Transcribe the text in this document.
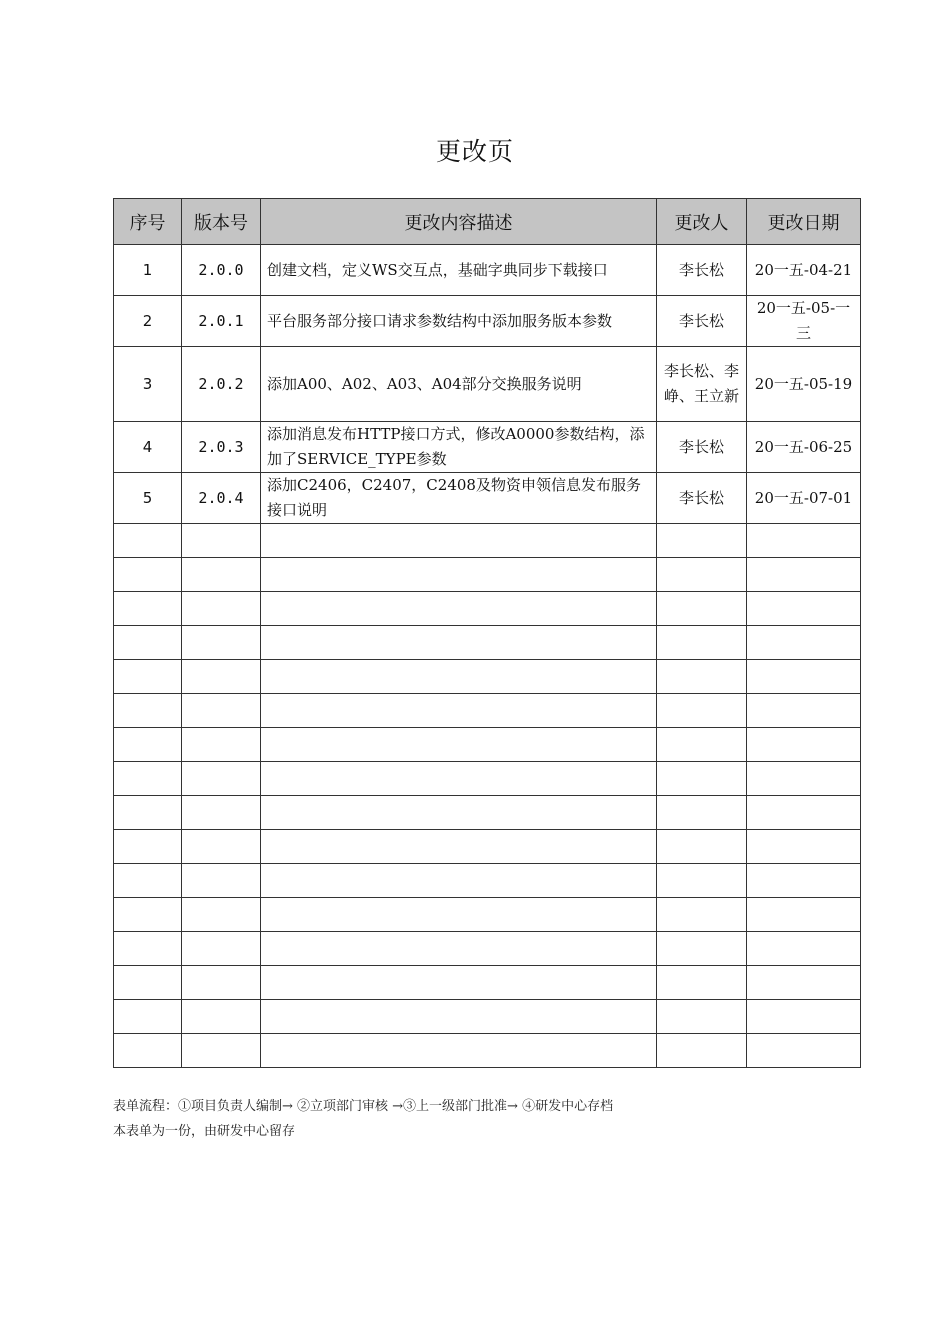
更改页
序号	版本号	更改内容描述	更改人	更改日期
1	2.0.0	创建文档，定义WS交互点，基础字典同步下载接口	李长松	20一五-04-21
2	2.0.1	平台服务部分接口请求参数结构中添加服务版本参数	李长松	20一五-05-一三
3	2.0.2	添加A00、A02、A03、A04部分交换服务说明	李长松、李峥、王立新	20一五-05-19
4	2.0.3	添加消息发布HTTP接口方式，修改A0000参数结构，添加了SERVICE_TYPE参数	李长松	20一五-06-25
5	2.0.4	添加C2406，C2407，C2408及物资申领信息发布服务接口说明	李长松	20一五-07-01

表单流程：①项目负责人编制→ ②立项部门审核 →③上一级部门批准→ ④研发中心存档
本表单为一份，由研发中心留存
